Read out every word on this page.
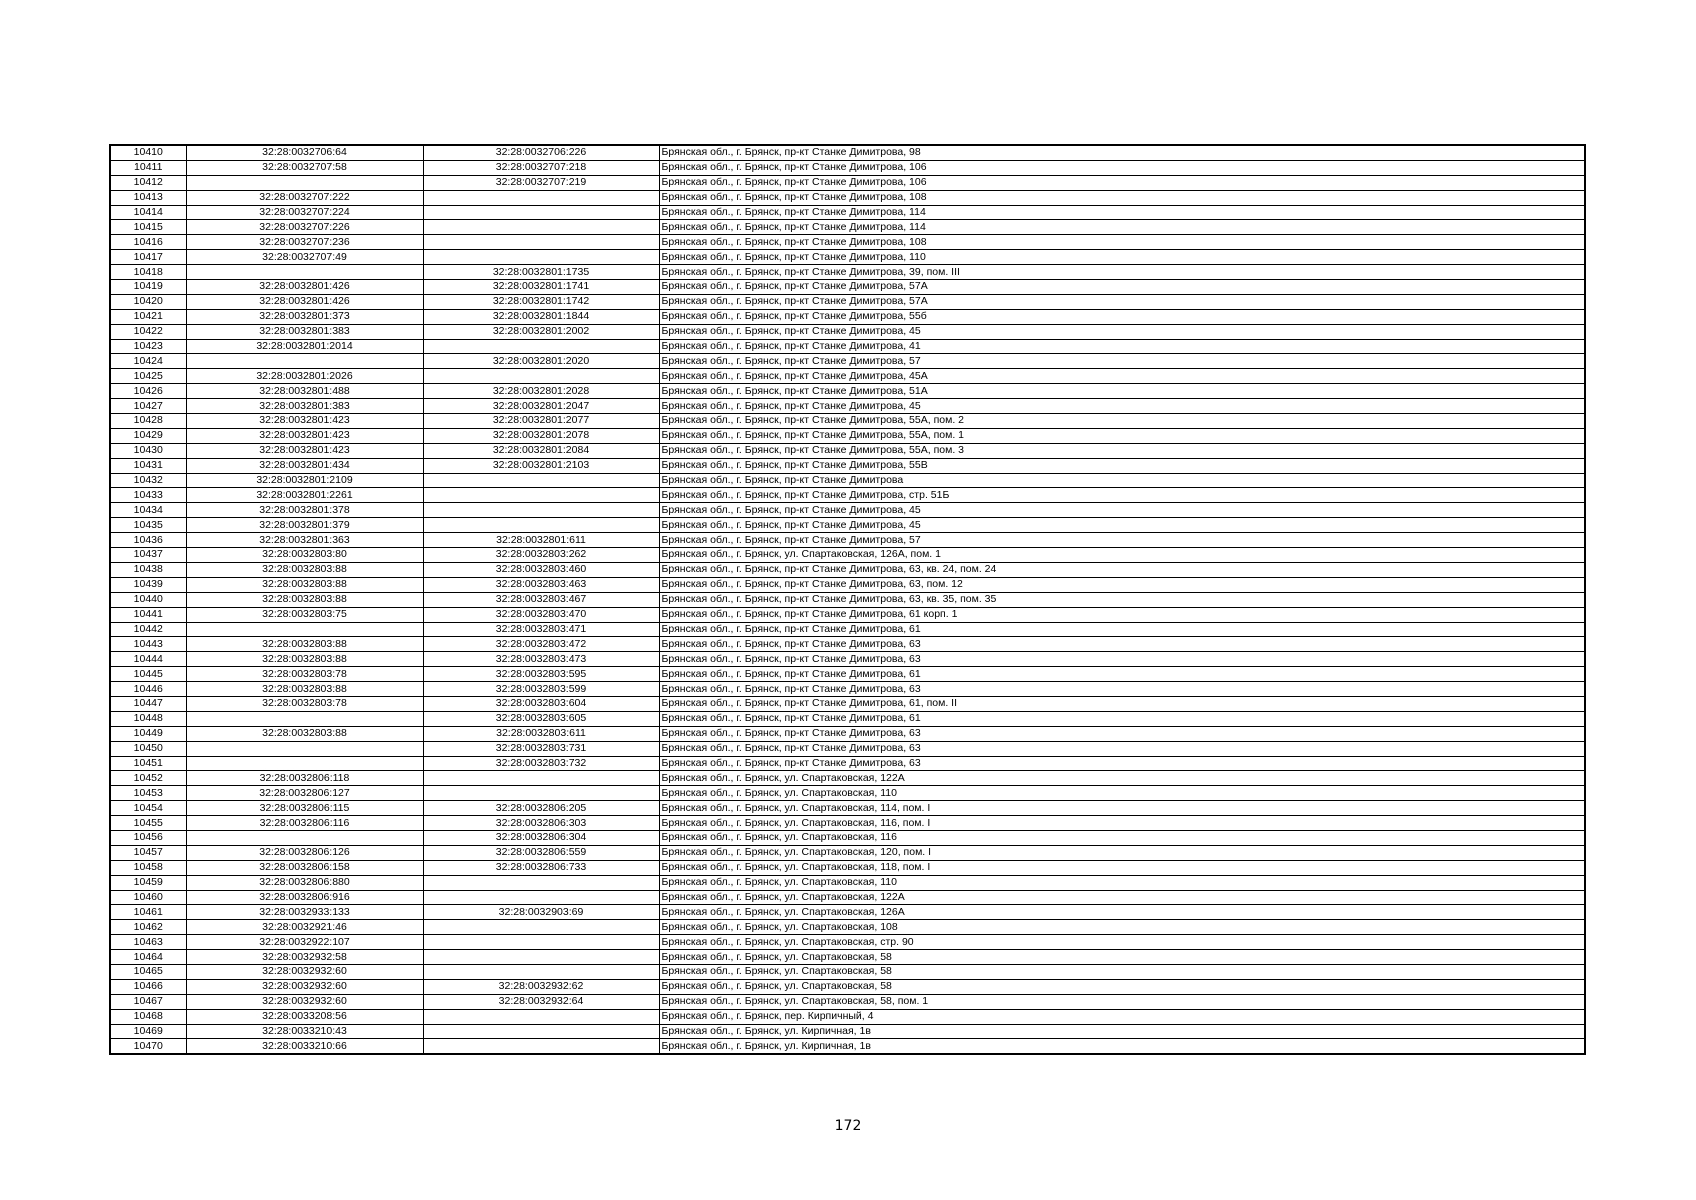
10410	32:28:0032706:64	32:28:0032706:226	Брянская обл., г. Брянск, пр-кт Станке Димитрова, 98
10411	32:28:0032707:58	32:28:0032707:218	Брянская обл., г. Брянск, пр-кт Станке Димитрова, 106
10412		32:28:0032707:219	Брянская обл., г. Брянск, пр-кт Станке Димитрова, 106
10413	32:28:0032707:222		Брянская обл., г. Брянск, пр-кт Станке Димитрова, 108
10414	32:28:0032707:224		Брянская обл., г. Брянск, пр-кт Станке Димитрова, 114
10415	32:28:0032707:226		Брянская обл., г. Брянск, пр-кт Станке Димитрова, 114
10416	32:28:0032707:236		Брянская обл., г. Брянск, пр-кт Станке Димитрова, 108
10417	32:28:0032707:49		Брянская обл., г. Брянск, пр-кт Станке Димитрова, 110
10418		32:28:0032801:1735	Брянская обл., г. Брянск, пр-кт Станке Димитрова, 39, пом. III
10419	32:28:0032801:426	32:28:0032801:1741	Брянская обл., г. Брянск, пр-кт Станке Димитрова, 57А
10420	32:28:0032801:426	32:28:0032801:1742	Брянская обл., г. Брянск, пр-кт Станке Димитрова, 57А
10421	32:28:0032801:373	32:28:0032801:1844	Брянская обл., г. Брянск, пр-кт Станке Димитрова, 55б
10422	32:28:0032801:383	32:28:0032801:2002	Брянская обл., г. Брянск, пр-кт Станке Димитрова, 45
10423	32:28:0032801:2014		Брянская обл., г. Брянск, пр-кт Станке Димитрова, 41
10424		32:28:0032801:2020	Брянская обл., г. Брянск, пр-кт Станке Димитрова, 57
10425	32:28:0032801:2026		Брянская обл., г. Брянск, пр-кт Станке Димитрова, 45А
10426	32:28:0032801:488	32:28:0032801:2028	Брянская обл., г. Брянск, пр-кт Станке Димитрова, 51А
10427	32:28:0032801:383	32:28:0032801:2047	Брянская обл., г. Брянск, пр-кт Станке Димитрова, 45
10428	32:28:0032801:423	32:28:0032801:2077	Брянская обл., г. Брянск, пр-кт Станке Димитрова, 55А, пом. 2
10429	32:28:0032801:423	32:28:0032801:2078	Брянская обл., г. Брянск, пр-кт Станке Димитрова, 55А, пом. 1
10430	32:28:0032801:423	32:28:0032801:2084	Брянская обл., г. Брянск, пр-кт Станке Димитрова, 55А, пом. 3
10431	32:28:0032801:434	32:28:0032801:2103	Брянская обл., г. Брянск, пр-кт Станке Димитрова, 55В
10432	32:28:0032801:2109		Брянская обл., г. Брянск, пр-кт Станке Димитрова
10433	32:28:0032801:2261		Брянская обл., г. Брянск, пр-кт Станке Димитрова, стр. 51Б
10434	32:28:0032801:378		Брянская обл., г. Брянск, пр-кт Станке Димитрова, 45
10435	32:28:0032801:379		Брянская обл., г. Брянск, пр-кт Станке Димитрова, 45
10436	32:28:0032801:363	32:28:0032801:611	Брянская обл., г. Брянск, пр-кт Станке Димитрова, 57
10437	32:28:0032803:80	32:28:0032803:262	Брянская обл., г. Брянск, ул. Спартаковская, 126А, пом. 1
10438	32:28:0032803:88	32:28:0032803:460	Брянская обл., г. Брянск, пр-кт Станке Димитрова, 63, кв. 24, пом. 24
10439	32:28:0032803:88	32:28:0032803:463	Брянская обл., г. Брянск, пр-кт Станке Димитрова, 63, пом. 12
10440	32:28:0032803:88	32:28:0032803:467	Брянская обл., г. Брянск, пр-кт Станке Димитрова, 63, кв. 35, пом. 35
10441	32:28:0032803:75	32:28:0032803:470	Брянская обл., г. Брянск, пр-кт Станке Димитрова, 61 корп. 1
10442		32:28:0032803:471	Брянская обл., г. Брянск, пр-кт Станке Димитрова, 61
10443	32:28:0032803:88	32:28:0032803:472	Брянская обл., г. Брянск, пр-кт Станке Димитрова, 63
10444	32:28:0032803:88	32:28:0032803:473	Брянская обл., г. Брянск, пр-кт Станке Димитрова, 63
10445	32:28:0032803:78	32:28:0032803:595	Брянская обл., г. Брянск, пр-кт Станке Димитрова, 61
10446	32:28:0032803:88	32:28:0032803:599	Брянская обл., г. Брянск, пр-кт Станке Димитрова, 63
10447	32:28:0032803:78	32:28:0032803:604	Брянская обл., г. Брянск, пр-кт Станке Димитрова, 61, пом. II
10448		32:28:0032803:605	Брянская обл., г. Брянск, пр-кт Станке Димитрова, 61
10449	32:28:0032803:88	32:28:0032803:611	Брянская обл., г. Брянск, пр-кт Станке Димитрова, 63
10450		32:28:0032803:731	Брянская обл., г. Брянск, пр-кт Станке Димитрова, 63
10451		32:28:0032803:732	Брянская обл., г. Брянск, пр-кт Станке Димитрова, 63
10452	32:28:0032806:118		Брянская обл., г. Брянск, ул. Спартаковская, 122А
10453	32:28:0032806:127		Брянская обл., г. Брянск, ул. Спартаковская, 110
10454	32:28:0032806:115	32:28:0032806:205	Брянская обл., г. Брянск, ул. Спартаковская, 114, пом. I
10455	32:28:0032806:116	32:28:0032806:303	Брянская обл., г. Брянск, ул. Спартаковская, 116, пом. I
10456		32:28:0032806:304	Брянская обл., г. Брянск, ул. Спартаковская, 116
10457	32:28:0032806:126	32:28:0032806:559	Брянская обл., г. Брянск, ул. Спартаковская, 120, пом. I
10458	32:28:0032806:158	32:28:0032806:733	Брянская обл., г. Брянск, ул. Спартаковская, 118, пом. I
10459	32:28:0032806:880		Брянская обл., г. Брянск, ул. Спартаковская, 110
10460	32:28:0032806:916		Брянская обл., г. Брянск, ул. Спартаковская, 122А
10461	32:28:0032933:133	32:28:0032903:69	Брянская обл., г. Брянск, ул. Спартаковская, 126А
10462	32:28:0032921:46		Брянская обл., г. Брянск, ул. Спартаковская, 108
10463	32:28:0032922:107		Брянская обл., г. Брянск, ул. Спартаковская, стр. 90
10464	32:28:0032932:58		Брянская обл., г. Брянск, ул. Спартаковская, 58
10465	32:28:0032932:60		Брянская обл., г. Брянск, ул. Спартаковская, 58
10466	32:28:0032932:60	32:28:0032932:62	Брянская обл., г. Брянск, ул. Спартаковская, 58
10467	32:28:0032932:60	32:28:0032932:64	Брянская обл., г. Брянск, ул. Спартаковская, 58, пом. 1
10468	32:28:0033208:56		Брянская обл., г. Брянск, пер. Кирпичный, 4
10469	32:28:0033210:43		Брянская обл., г. Брянск, ул. Кирпичная, 1в
10470	32:28:0033210:66		Брянская обл., г. Брянск, ул. Кирпичная, 1в
172
